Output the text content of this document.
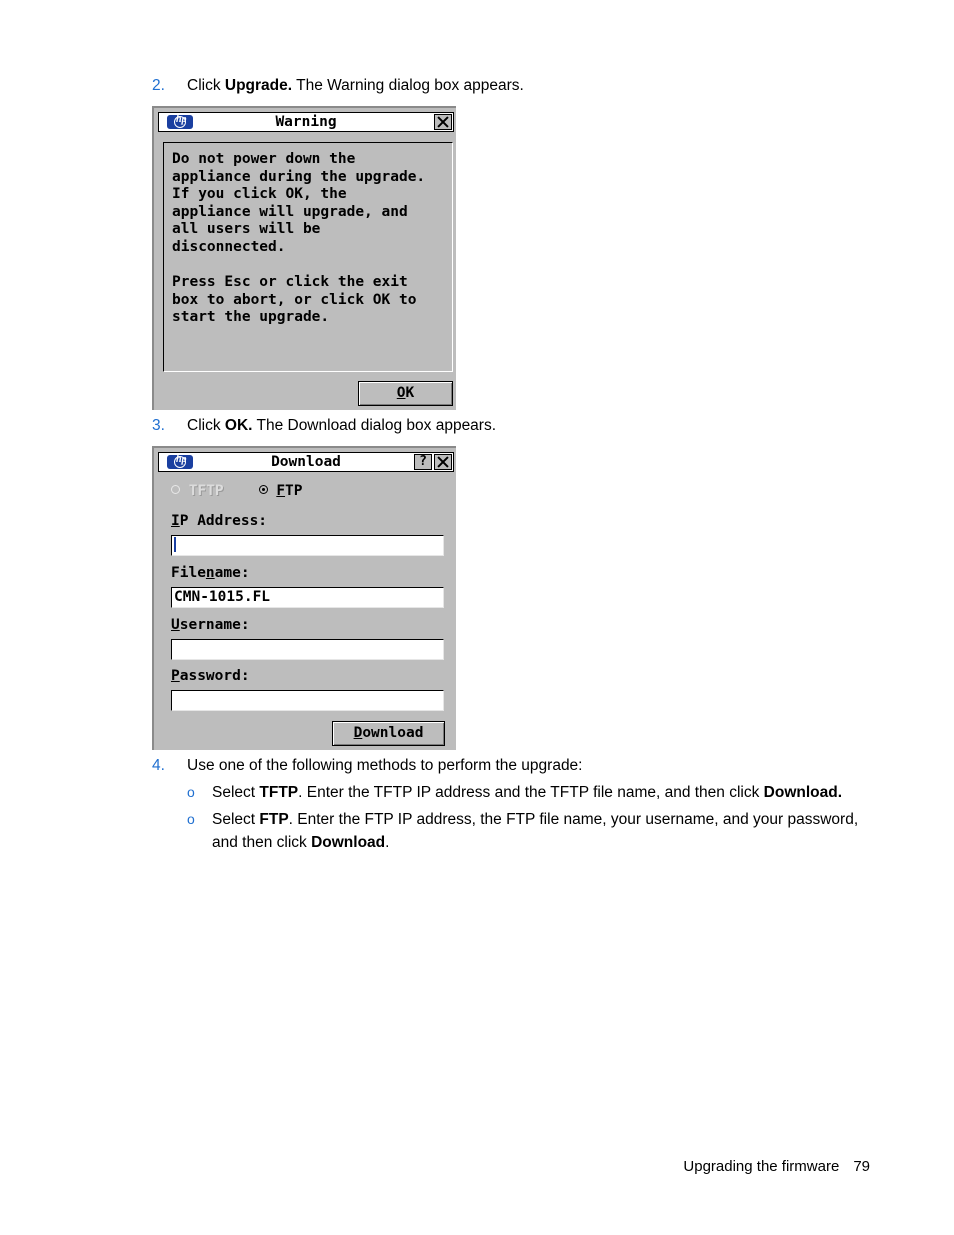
2.	Click Upgrade. The Warning dialog box appears.
hp	Warning
Do not power down the
appliance during the upgrade.
If you click OK, the
appliance will upgrade, and
all users will be
disconnected.

Press Esc or click the exit
box to abort, or click OK to
start the upgrade.
OK
3.	Click OK. The Download dialog box appears.
hp	Download	?
TFTP	FTP
IP Address:
Filename:
CMN-1015.FL
Username:
Password:
Download
4.	Use one of the following methods to perform the upgrade:
o Select TFTP. Enter the TFTP IP address and the TFTP file name, and then click Download.
o Select FTP. Enter the FTP IP address, the FTP file name, your username, and your password, and then click Download.
Upgrading the firmware 79
